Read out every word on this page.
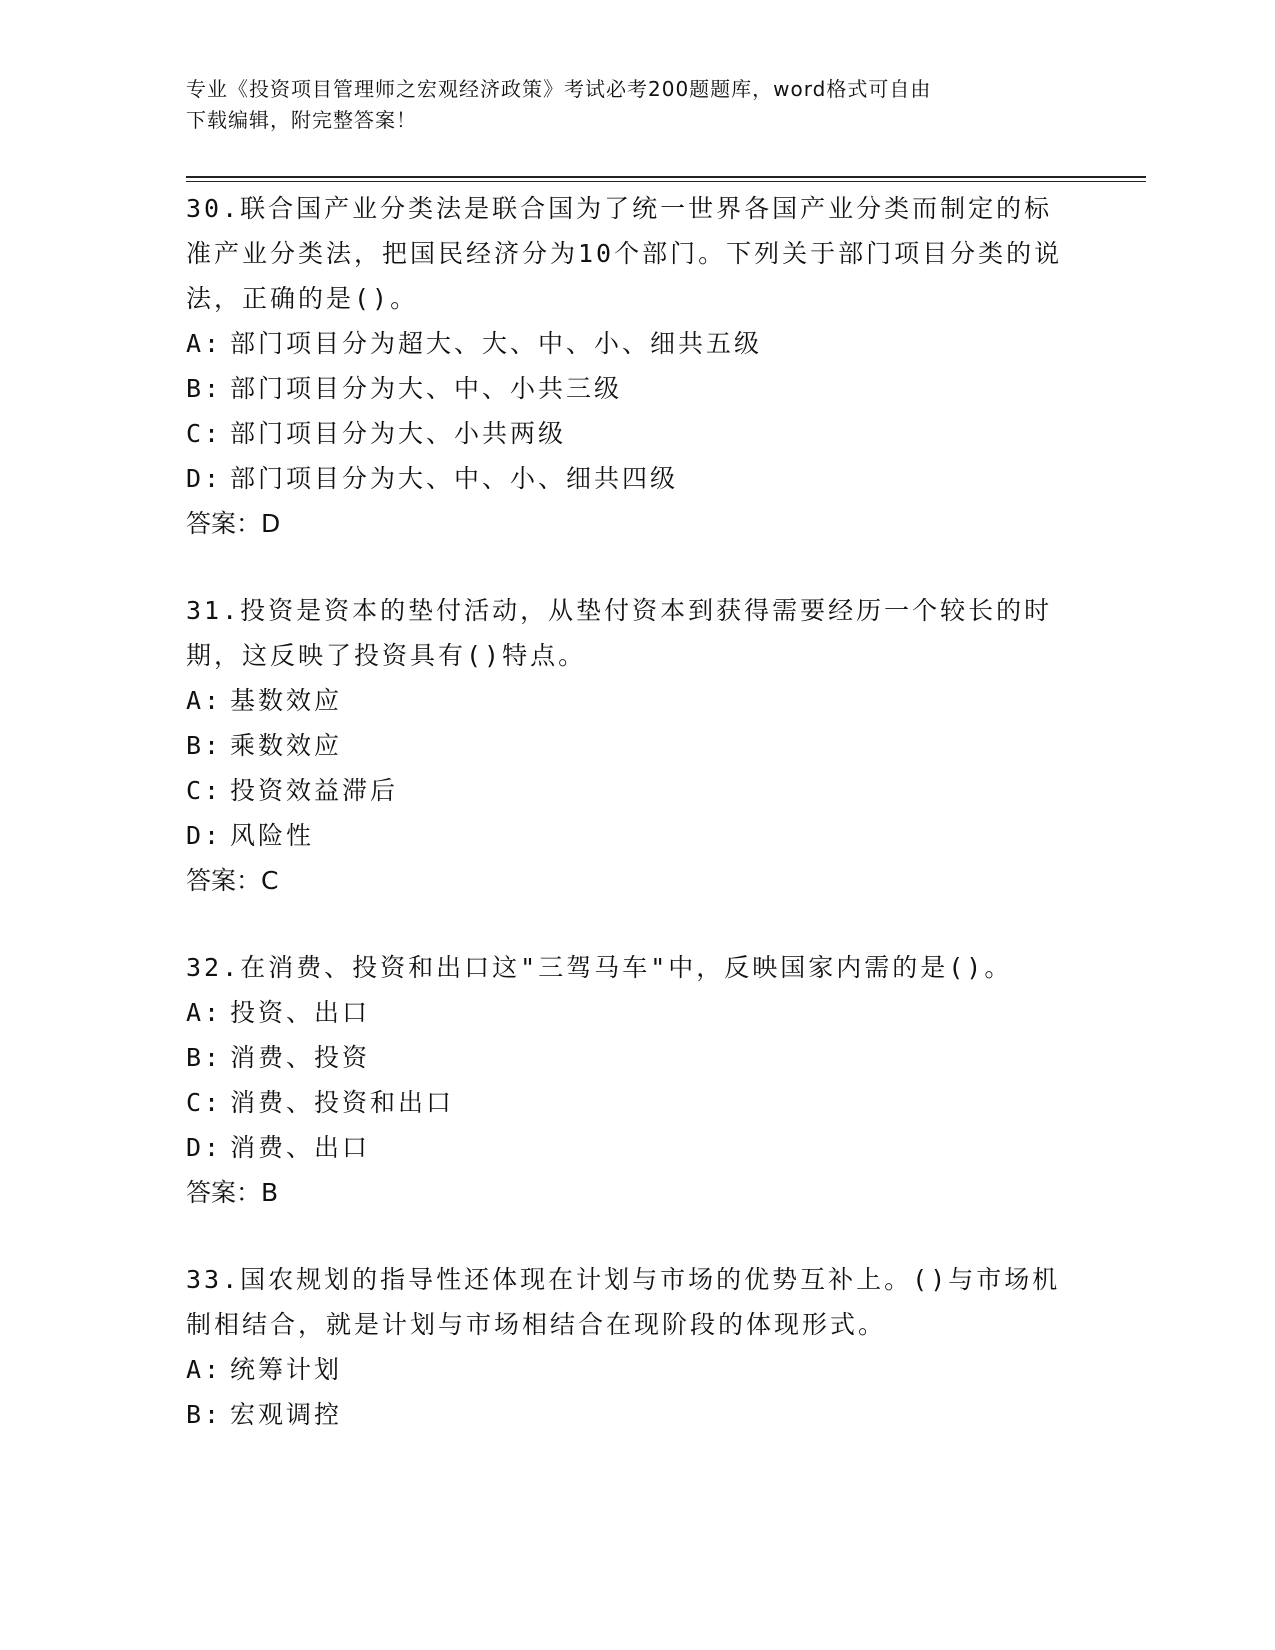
专业《投资项目管理师之宏观经济政策》考试必考200题题库，word格式可自由
下载编辑，附完整答案！
30.联合国产业分类法是联合国为了统一世界各国产业分类而制定的标准产业分类法，把国民经济分为10个部门。下列关于部门项目分类的说法，正确的是()。
A: 部门项目分为超大、大、中、小、细共五级
B: 部门项目分为大、中、小共三级
C: 部门项目分为大、小共两级
D: 部门项目分为大、中、小、细共四级
答案：D
31.投资是资本的垫付活动，从垫付资本到获得需要经历一个较长的时期，这反映了投资具有()特点。
A: 基数效应
B: 乘数效应
C: 投资效益滞后
D: 风险性
答案：C
32.在消费、投资和出口这"三驾马车"中，反映国家内需的是()。
A: 投资、出口
B: 消费、投资
C: 消费、投资和出口
D: 消费、出口
答案：B
33.国农规划的指导性还体现在计划与市场的优势互补上。()与市场机制相结合，就是计划与市场相结合在现阶段的体现形式。
A: 统筹计划
B: 宏观调控
